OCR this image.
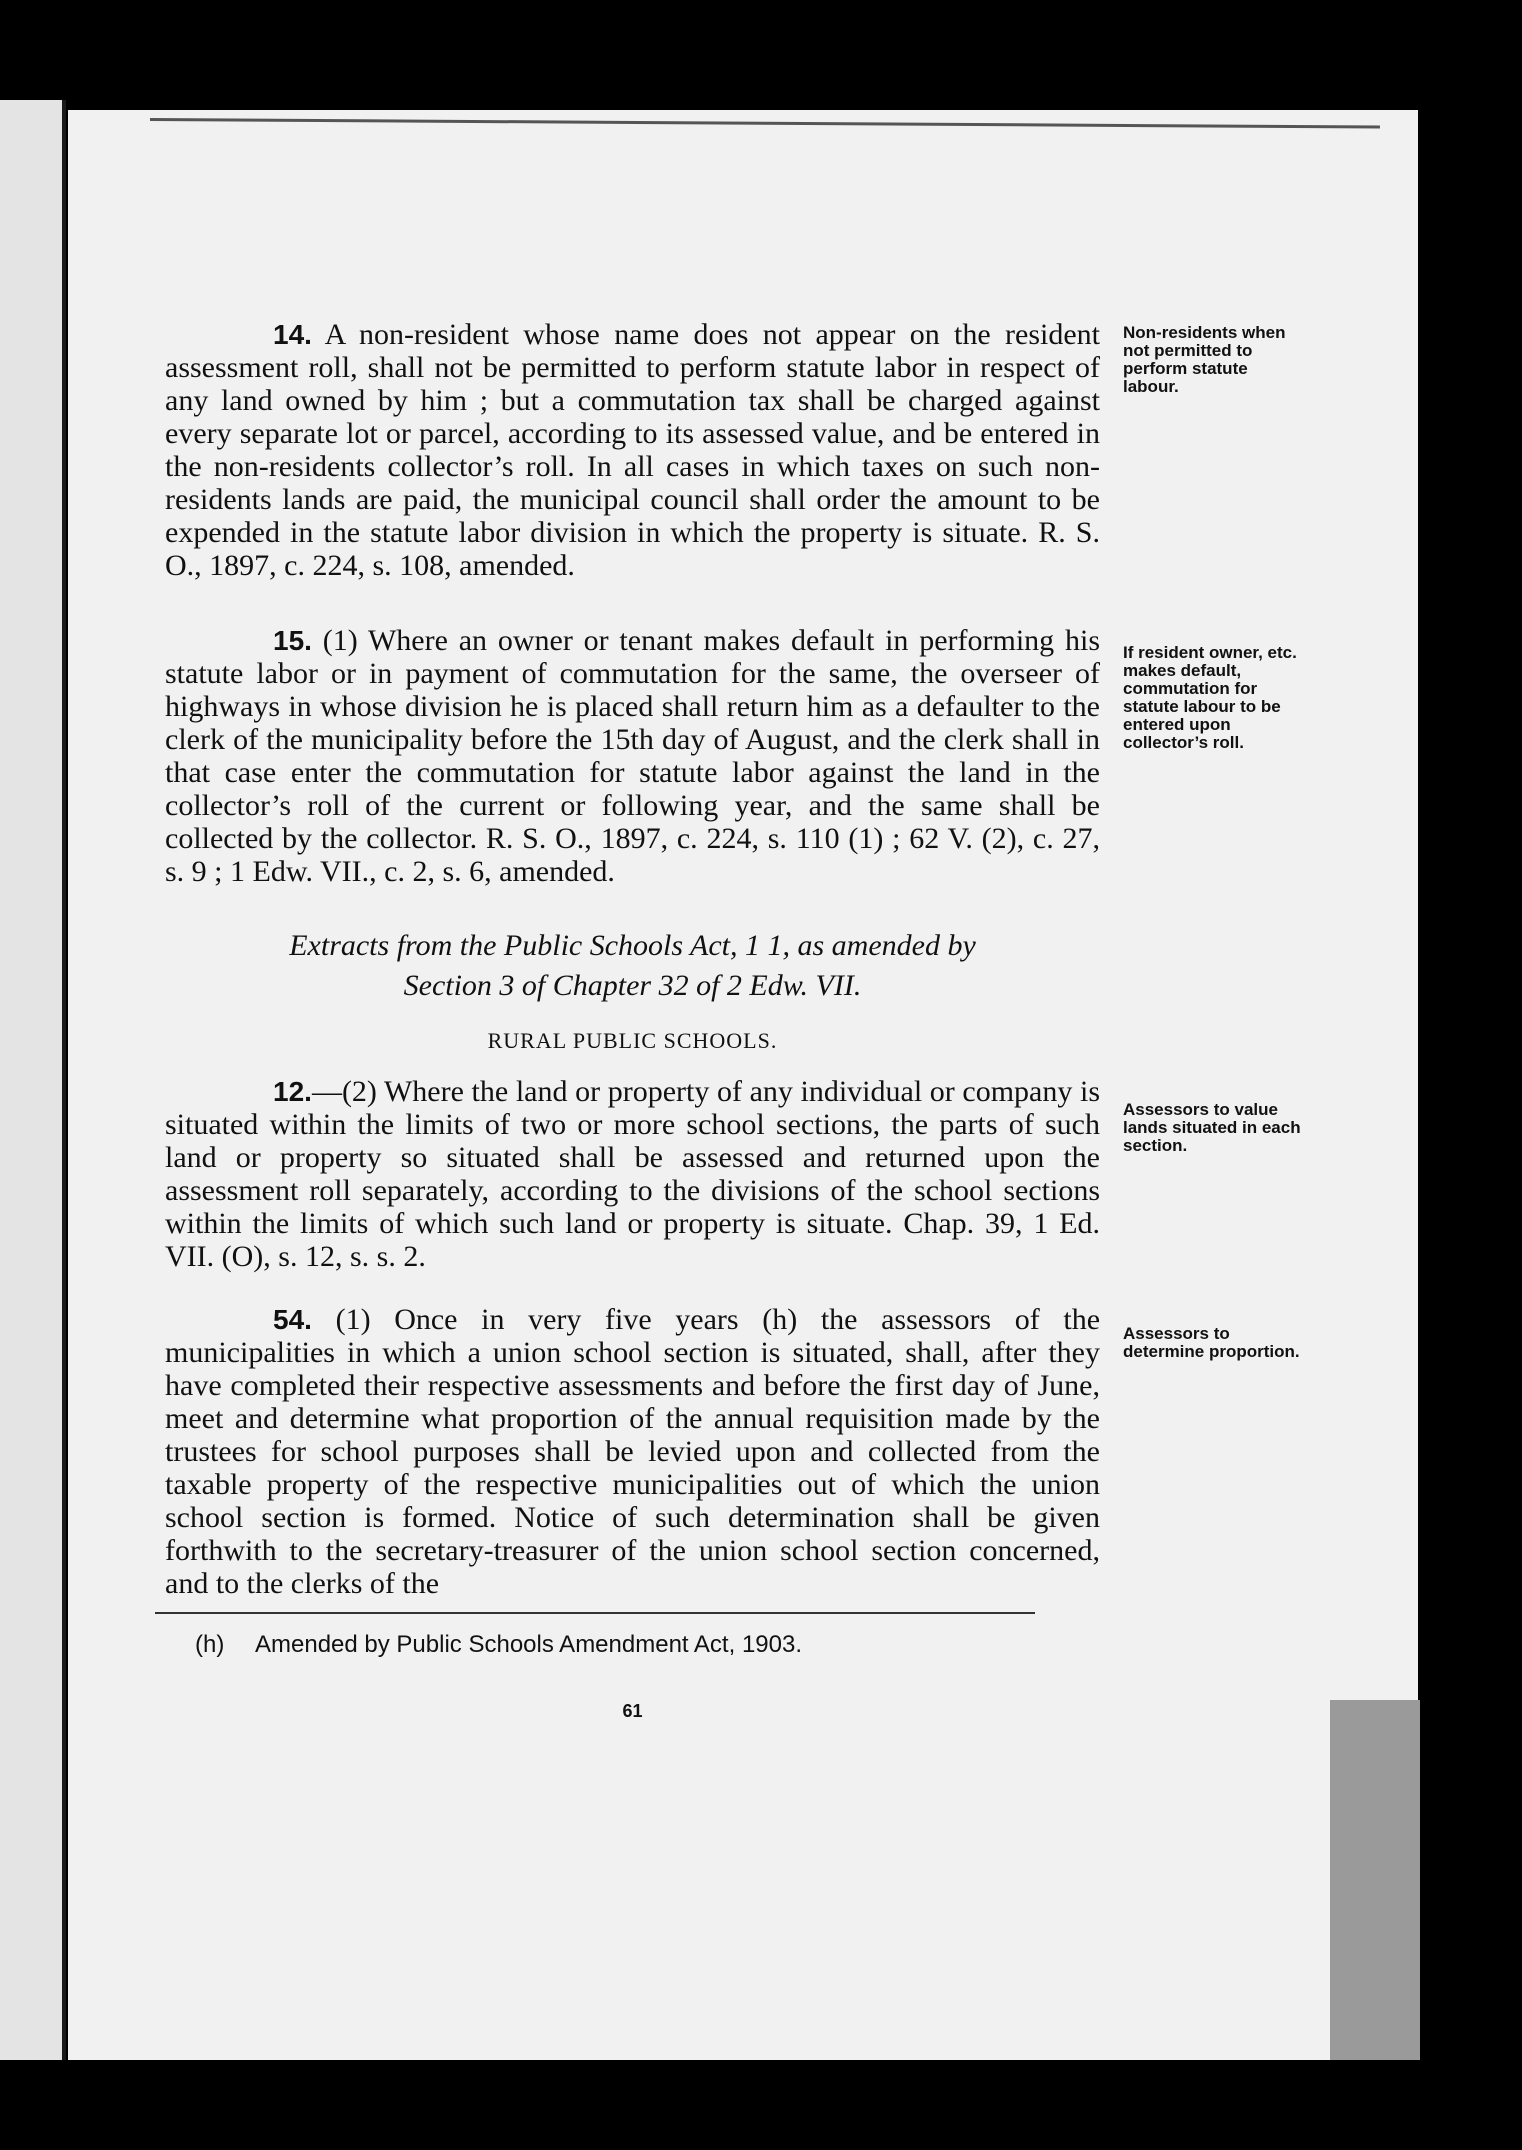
14. A non-resident whose name does not appear on the resident assessment roll, shall not be permitted to perform statute labor in respect of any land owned by him ; but a commutation tax shall be charged against every separate lot or parcel, according to its assessed value, and be entered in the non-residents collector’s roll. In all cases in which taxes on such non-residents lands are paid, the municipal council shall order the amount to be expended in the statute labor division in which the property is situate. R. S. O., 1897, c. 224, s. 108, amended.

Non-residents when not permitted to perform statute labour.

15. (1) Where an owner or tenant makes default in performing his statute labor or in payment of commutation for the same, the overseer of highways in whose division he is placed shall return him as a defaulter to the clerk of the municipality before the 15th day of August, and the clerk shall in that case enter the commutation for statute labor against the land in the collector’s roll of the current or following year, and the same shall be collected by the collector. R. S. O., 1897, c. 224, s. 110 (1) ; 62 V. (2), c. 27, s. 9 ; 1 Edw. VII., c. 2, s. 6, amended.

If resident owner, etc. makes default, commutation for statute labour to be entered upon collector’s roll.

Extracts from the Public Schools Act, 1 1, as amended by

Section 3 of Chapter 32 of 2 Edw. VII.

RURAL PUBLIC SCHOOLS.

12.—(2) Where the land or property of any individual or company is situated within the limits of two or more school sections, the parts of such land or property so situated shall be assessed and returned upon the assessment roll separately, according to the divisions of the school sections within the limits of which such land or property is situate. Chap. 39, 1 Ed. VII. (O), s. 12, s. s. 2.

Assessors to value lands situated in each section.

54. (1) Once in very five years (h) the assessors of the municipalities in which a union school section is situated, shall, after they have completed their respective assessments and before the first day of June, meet and determine what proportion of the annual requisition made by the trustees for school purposes shall be levied upon and collected from the taxable property of the respective municipalities out of which the union school section is formed. Notice of such determination shall be given forthwith to the secretary-treasurer of the union school section concerned, and to the clerks of the

Assessors to determine proportion.

(h) Amended by Public Schools Amendment Act, 1903.

61
